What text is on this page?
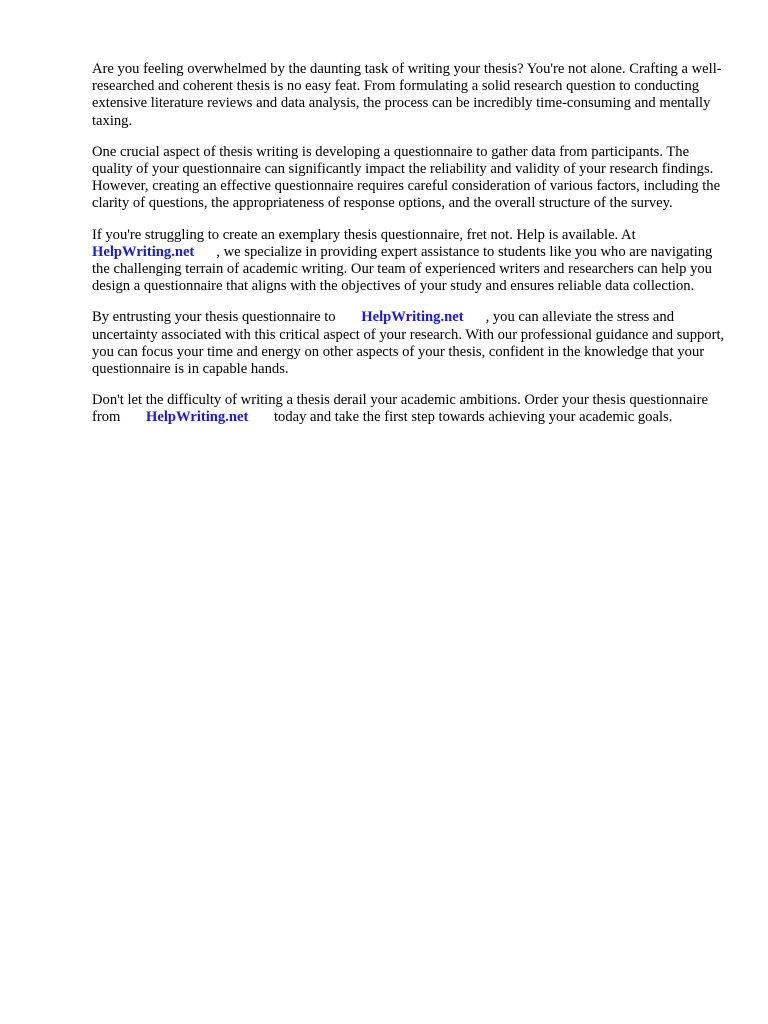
Are you feeling overwhelmed by the daunting task of writing your thesis? You're not alone. Crafting a well-researched and coherent thesis is no easy feat. From formulating a solid research question to conducting extensive literature reviews and data analysis, the process can be incredibly time-consuming and mentally taxing.

One crucial aspect of thesis writing is developing a questionnaire to gather data from participants. The quality of your questionnaire can significantly impact the reliability and validity of your research findings. However, creating an effective questionnaire requires careful consideration of various factors, including the clarity of questions, the appropriateness of response options, and the overall structure of the survey.

If you're struggling to create an exemplary thesis questionnaire, fret not. Help is available. At
HelpWriting.net , we specialize in providing expert assistance to students like you who are navigating the challenging terrain of academic writing. Our team of experienced writers and researchers can help you design a questionnaire that aligns with the objectives of your study and ensures reliable data collection.

By entrusting your thesis questionnaire to HelpWriting.net , you can alleviate the stress and uncertainty associated with this critical aspect of your research. With our professional guidance and support, you can focus your time and energy on other aspects of your thesis, confident in the knowledge that your questionnaire is in capable hands.

Don't let the difficulty of writing a thesis derail your academic ambitions. Order your thesis questionnaire from HelpWriting.net today and take the first step towards achieving your academic goals.
